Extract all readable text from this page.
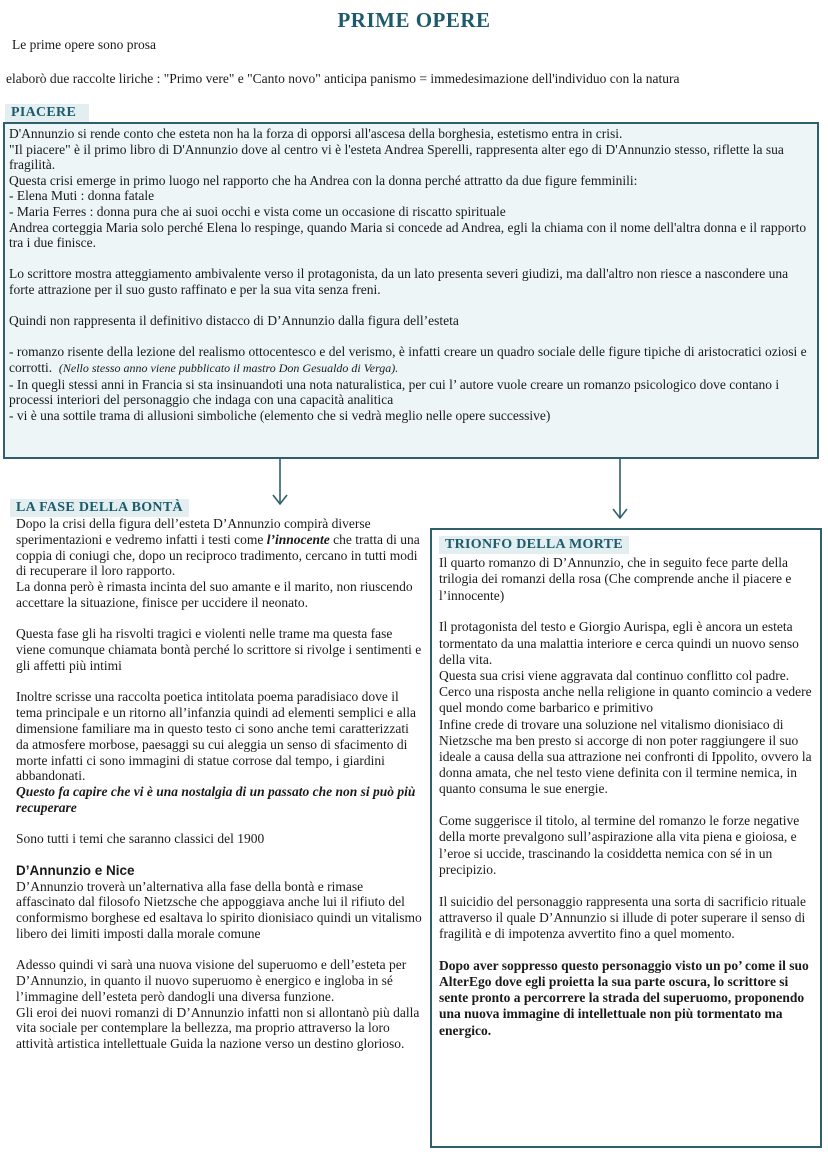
PRIME OPERE
Le prime opere sono prosa
elaborò due raccolte liriche : "Primo vere" e "Canto novo" anticipa panismo = immedesimazione dell'individuo con la natura
PIACERE

D'Annunzio si rende conto che esteta non ha la forza di opporsi all'ascesa della borghesia, estetismo entra in crisi.

"Il piacere" è il primo libro di D'Annunzio dove al centro vi è l'esteta Andrea Sperelli, rappresenta alter ego di D'Annunzio stesso, riflette la sua fragilità.

Questa crisi emerge in primo luogo nel rapporto che ha Andrea con la donna perché attratto da due figure femminili:

- Elena Muti : donna fatale

- Maria Ferres : donna pura che ai suoi occhi e vista come un occasione di riscatto spirituale

Andrea corteggia Maria solo perché Elena lo respinge, quando Maria si concede ad Andrea, egli la chiama con il nome dell'altra donna e il rapporto tra i due finisce.

Lo scrittore mostra atteggiamento ambivalente verso il protagonista, da un lato presenta severi giudizi, ma dall'altro non riesce a nascondere una forte attrazione per il suo gusto raffinato e per la sua vita senza freni.

Quindi non rappresenta il definitivo distacco di D’Annunzio dalla figura dell’esteta

- romanzo risente della lezione del realismo ottocentesco e del verismo, è infatti creare un quadro sociale delle figure tipiche di aristocratici oziosi e corrotti. (Nello stesso anno viene pubblicato il mastro Don Gesualdo di Verga).

- In quegli stessi anni in Francia si sta insinuandoti una nota naturalistica, per cui l’ autore vuole creare un romanzo psicologico dove contano i processi interiori del personaggio che indaga con una capacità analitica

- vi è una sottile trama di allusioni simboliche (elemento che si vedrà meglio nelle opere successive)

LA FASE DELLA BONTÀ

Dopo la crisi della figura dell’esteta D’Annunzio compirà diverse sperimentazioni e vedremo infatti i testi come l’innocente che tratta di una coppia di coniugi che, dopo un reciproco tradimento, cercano in tutti modi di recuperare il loro rapporto.

La donna però è rimasta incinta del suo amante e il marito, non riuscendo accettare la situazione, finisce per uccidere il neonato.

Questa fase gli ha risvolti tragici e violenti nelle trame ma questa fase viene comunque chiamata bontà perché lo scrittore si rivolge i sentimenti e gli affetti più intimi

Inoltre scrisse una raccolta poetica intitolata poema paradisiaco dove il tema principale e un ritorno all’infanzia quindi ad elementi semplici e alla dimensione familiare ma in questo testo ci sono anche temi caratterizzati da atmosfere morbose, paesaggi su cui aleggia un senso di sfacimento di morte infatti ci sono immagini di statue corrose dal tempo, i giardini abbandonati.

Questo fa capire che vi è una nostalgia di un passato che non si può più recuperare

Sono tutti i temi che saranno classici del 1900

D’Annunzio e Nice

D’Annunzio troverà un’alternativa alla fase della bontà e rimase affascinato dal filosofo Nietzsche che appoggiava anche lui il rifiuto del conformismo borghese ed esaltava lo spirito dionisiaco quindi un vitalismo libero dei limiti imposti dalla morale comune

Adesso quindi vi sarà una nuova visione del superuomo e dell’esteta per D’Annunzio, in quanto il nuovo superuomo è energico e ingloba in sé l’immagine dell’esteta però dandogli una diversa funzione.

Gli eroi dei nuovi romanzi di D’Annunzio infatti non si allontanò più dalla vita sociale per contemplare la bellezza, ma proprio attraverso la loro attività artistica intellettuale Guida la nazione verso un destino glorioso.

TRIONFO DELLA MORTE

Il quarto romanzo di D’Annunzio, che in seguito fece parte della trilogia dei romanzi della rosa (Che comprende anche il piacere e l’innocente)

Il protagonista del testo e Giorgio Aurispa, egli è ancora un esteta tormentato da una malattia interiore e cerca quindi un nuovo senso della vita.

Questa sua crisi viene aggravata dal continuo conflitto col padre.

Cerco una risposta anche nella religione in quanto comincio a vedere quel mondo come barbarico e primitivo

Infine crede di trovare una soluzione nel vitalismo dionisiaco di Nietzsche ma ben presto si accorge di non poter raggiungere il suo ideale a causa della sua attrazione nei confronti di Ippolito, ovvero la donna amata, che nel testo viene definita con il termine nemica, in quanto consuma le sue energie.

Come suggerisce il titolo, al termine del romanzo le forze negative della morte prevalgono sull’aspirazione alla vita piena e gioiosa, e l’eroe si uccide, trascinando la cosiddetta nemica con sé in un precipizio.

Il suicidio del personaggio rappresenta una sorta di sacrificio rituale attraverso il quale D’Annunzio si illude di poter superare il senso di fragilità e di impotenza avvertito fino a quel momento.

Dopo aver soppresso questo personaggio visto un po’ come il suo AlterEgo dove egli proietta la sua parte oscura, lo scrittore si sente pronto a percorrere la strada del superuomo, proponendo una nuova immagine di intellettuale non più tormentato ma energico.
